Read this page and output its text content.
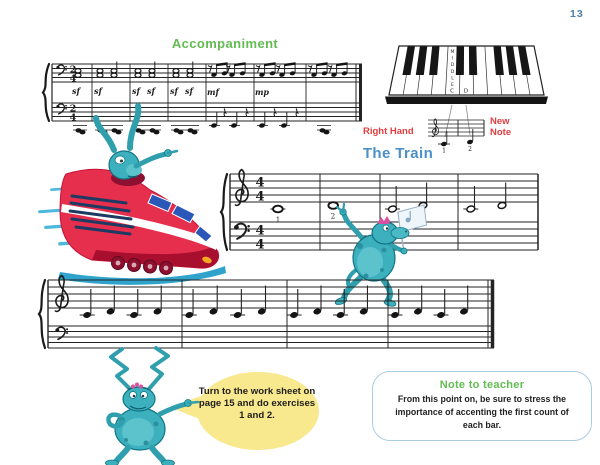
2
4
2
4
sf sf	sf sf sf sf mf	mp
M
I
D
D
L
E
C D
1	2
4
4
4
4
1	2
13
Accompaniment
The Train
Right Hand
New Note
Turn to the work sheet on page 15 and do exercises 1 and 2.
Note to teacher
From this point on, be sure to stress the importance of accenting the first count of each bar.
